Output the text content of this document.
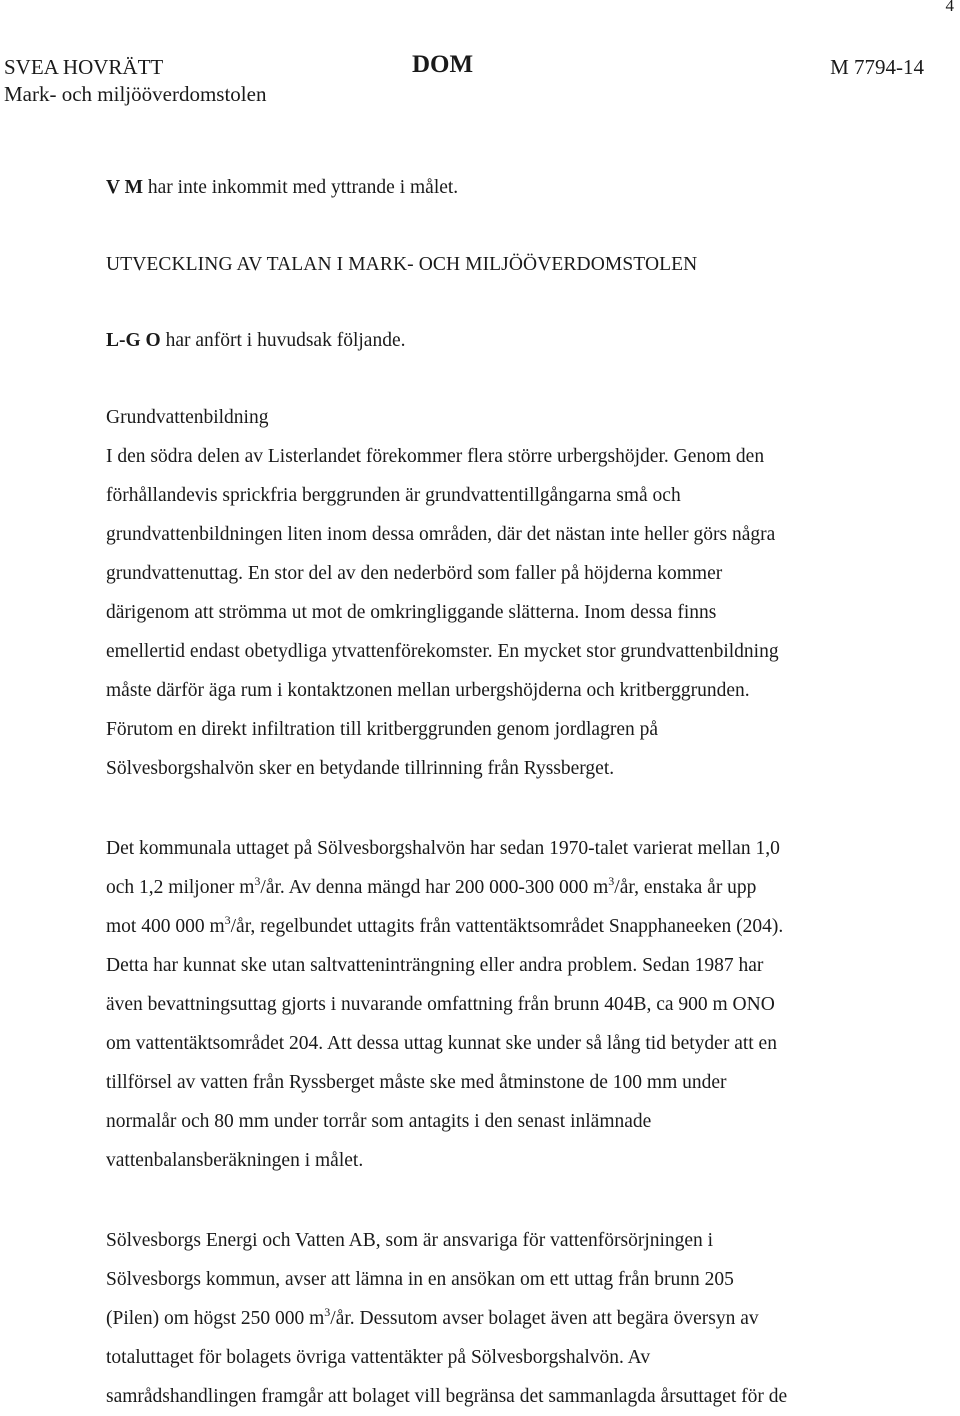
4
SVEA HOVRÄTT
Mark- och miljööverdomstolen
DOM	M 7794-14
V M har inte inkommit med yttrande i målet.
UTVECKLING AV TALAN I MARK- OCH MILJÖÖVERDOMSTOLEN
L-G O har anfört i huvudsak följande.
Grundvattenbildning
I den södra delen av Listerlandet förekommer flera större urbergshöjder. Genom den
förhållandevis sprickfria berggrunden är grundvattentillgångarna små och
grundvattenbildningen liten inom dessa områden, där det nästan inte heller görs några
grundvattenuttag. En stor del av den nederbörd som faller på höjderna kommer
därigenom att strömma ut mot de omkringliggande slätterna. Inom dessa finns
emellertid endast obetydliga ytvattenförekomster. En mycket stor grundvattenbildning
måste därför äga rum i kontaktzonen mellan urbergshöjderna och kritberggrunden.
Förutom en direkt infiltration till kritberggrunden genom jordlagren på
Sölvesborgshalvön sker en betydande tillrinning från Ryssberget.
Det kommunala uttaget på Sölvesborgshalvön har sedan 1970-talet varierat mellan 1,0
och 1,2 miljoner $m^3/år$. Av denna mängd har 200 000-300 000 $m^3/år$, enstaka år upp
mot 400 000 $m^3/år$, regelbundet uttagits från vattentäktsområdet Snapphaneeken (204).
Detta har kunnat ske utan saltvatteninträngning eller andra problem. Sedan 1987 har
även bevattningsuttag gjorts i nuvarande omfattning från brunn 404B, ca 900 m ONO
om vattentäktsområdet 204. Att dessa uttag kunnat ske under så lång tid betyder att en
tillförsel av vatten från Ryssberget måste ske med åtminstone de 100 mm under
normalår och 80 mm under torrår som antagits i den senast inlämnade
vattenbalansberäkningen i målet.
Sölvesborgs Energi och Vatten AB, som är ansvariga för vattenförsörjningen i
Sölvesborgs kommun, avser att lämna in en ansökan om ett uttag från brunn 205
(Pilen) om högst 250 000 $m^3/år$. Dessutom avser bolaget även att begära översyn av
totaluttaget för bolagets övriga vattentäkter på Sölvesborgshalvön. Av
samrådshandlingen framgår att bolaget vill begränsa det sammanlagda årsuttaget för de
